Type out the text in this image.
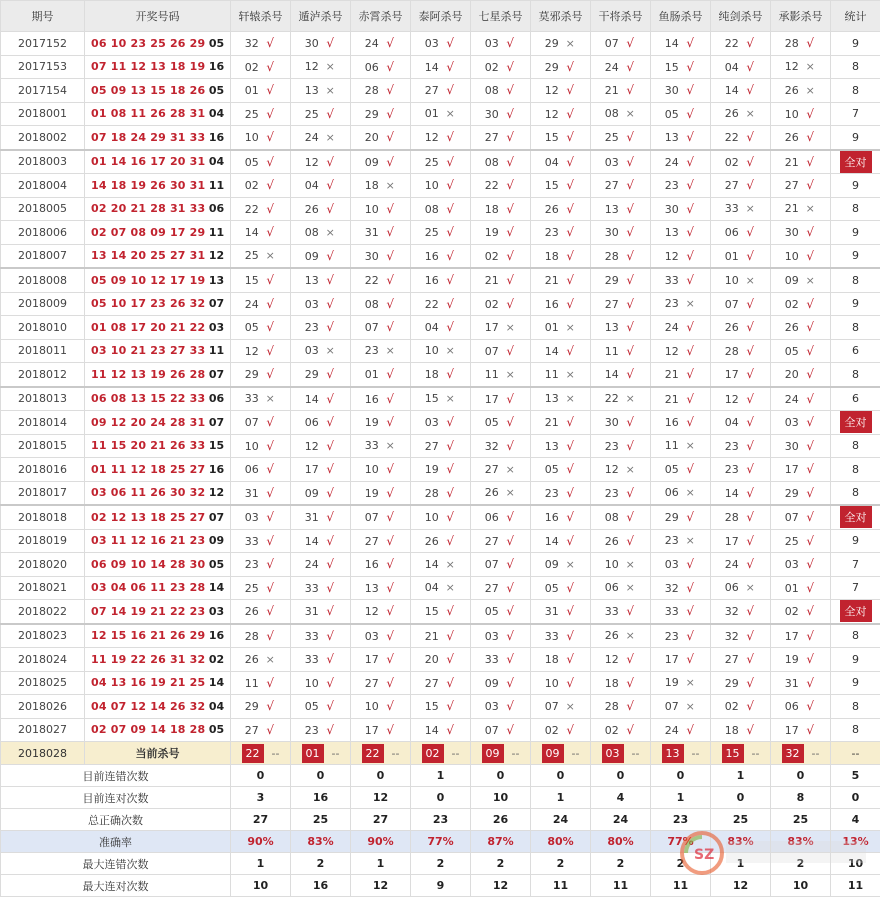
期号	开奖号码	轩辕杀号	遁泸杀号	赤霄杀号	泰阿杀号	七星杀号	莫邪杀号	干将杀号	鱼肠杀号	纯剑杀号	承影杀号	统计
2017152	06 10 23 25 26 29 05	32 √	30 √	24 √	03 √	03 √	29 ×	07 √	14 √	22 √	28 √	9
2017153	07 11 12 13 18 19 16	02 √	12 ×	06 √	14 √	02 √	29 √	24 √	15 √	04 √	12 ×	8
2017154	05 09 13 15 18 26 05	01 √	13 ×	28 √	27 √	08 √	12 √	21 √	30 √	14 √	26 ×	8
2018001	01 08 11 26 28 31 04	25 √	25 √	29 √	01 ×	30 √	12 √	08 ×	05 √	26 ×	10 √	7
2018002	07 18 24 29 31 33 16	10 √	24 ×	20 √	12 √	27 √	15 √	25 √	13 √	22 √	26 √	9
2018003	01 14 16 17 20 31 04	05 √	12 √	09 √	25 √	08 √	04 √	03 √	24 √	02 √	21 √	全对
2018004	14 18 19 26 30 31 11	02 √	04 √	18 ×	10 √	22 √	15 √	27 √	23 √	27 √	27 √	9
2018005	02 20 21 28 31 33 06	22 √	26 √	10 √	08 √	18 √	26 √	13 √	30 √	33 ×	21 ×	8
2018006	02 07 08 09 17 29 11	14 √	08 ×	31 √	25 √	19 √	23 √	30 √	13 √	06 √	30 √	9
2018007	13 14 20 25 27 31 12	25 ×	09 √	30 √	16 √	02 √	18 √	28 √	12 √	01 √	10 √	9
2018008	05 09 10 12 17 19 13	15 √	13 √	22 √	16 √	21 √	21 √	29 √	33 √	10 ×	09 ×	8
2018009	05 10 17 23 26 32 07	24 √	03 √	08 √	22 √	02 √	16 √	27 √	23 ×	07 √	02 √	9
2018010	01 08 17 20 21 22 03	05 √	23 √	07 √	04 √	17 ×	01 ×	13 √	24 √	26 √	26 √	8
2018011	03 10 21 23 27 33 11	12 √	03 ×	23 ×	10 ×	07 √	14 √	11 √	12 √	28 √	05 √	6
2018012	11 12 13 19 26 28 07	29 √	29 √	01 √	18 √	11 ×	11 ×	14 √	21 √	17 √	20 √	8
2018013	06 08 13 15 22 33 06	33 ×	14 √	16 √	15 ×	17 √	13 ×	22 ×	21 √	12 √	24 √	6
2018014	09 12 20 24 28 31 07	07 √	06 √	19 √	03 √	05 √	21 √	30 √	16 √	04 √	03 √	全对
2018015	11 15 20 21 26 33 15	10 √	12 √	33 ×	27 √	32 √	13 √	23 √	11 ×	23 √	30 √	8
2018016	01 11 12 18 25 27 16	06 √	17 √	10 √	19 √	27 ×	05 √	12 ×	05 √	23 √	17 √	8
2018017	03 06 11 26 30 32 12	31 √	09 √	19 √	28 √	26 ×	23 √	23 √	06 ×	14 √	29 √	8
2018018	02 12 13 18 25 27 07	03 √	31 √	07 √	10 √	06 √	16 √	08 √	29 √	28 √	07 √	全对
2018019	03 11 12 16 21 23 09	33 √	14 √	27 √	26 √	27 √	14 √	26 √	23 ×	17 √	25 √	9
2018020	06 09 10 14 28 30 05	23 √	24 √	16 √	14 ×	07 √	09 ×	10 ×	03 √	24 √	03 √	7
2018021	03 04 06 11 23 28 14	25 √	33 √	13 √	04 ×	27 √	05 √	06 ×	32 √	06 ×	01 √	7
2018022	07 14 19 21 22 23 03	26 √	31 √	12 √	15 √	05 √	31 √	33 √	33 √	32 √	02 √	全对
2018023	12 15 16 21 26 29 16	28 √	33 √	03 √	21 √	03 √	33 √	26 ×	23 √	32 √	17 √	8
2018024	11 19 22 26 31 32 02	26 ×	33 √	17 √	20 √	33 √	18 √	12 √	17 √	27 √	19 √	9
2018025	04 13 16 19 21 25 14	11 √	10 √	27 √	27 √	09 √	10 √	18 √	19 ×	29 √	31 √	9
2018026	04 07 12 14 26 32 04	29 √	05 √	10 √	15 √	03 √	07 ×	28 √	07 ×	02 √	06 √	8
2018027	02 07 09 14 18 28 05	27 √	23 √	17 √	14 √	07 √	02 √	02 √	24 √	18 √	17 √	8
2018028	当前杀号	22 --	01 --	22 --	02 --	09 --	09 --	03 --	13 --	15 --	32 --	--
目前连错次数		0	0	0	1	0	0	0	0	1	0	5
目前连对次数		3	16	12	0	10	1	4	1	0	8	0
总正确次数		27	25	27	23	26	24	24	23	25	25	4
准确率		90%	83%	90%	77%	87%	80%	80%	77%	83%	83%	13%
最大连错次数		1	2	1	2	2	2	2	2	1	2	10
最大连对次数		10	16	12	9	12	11	11	11	12	10	11
SZ
